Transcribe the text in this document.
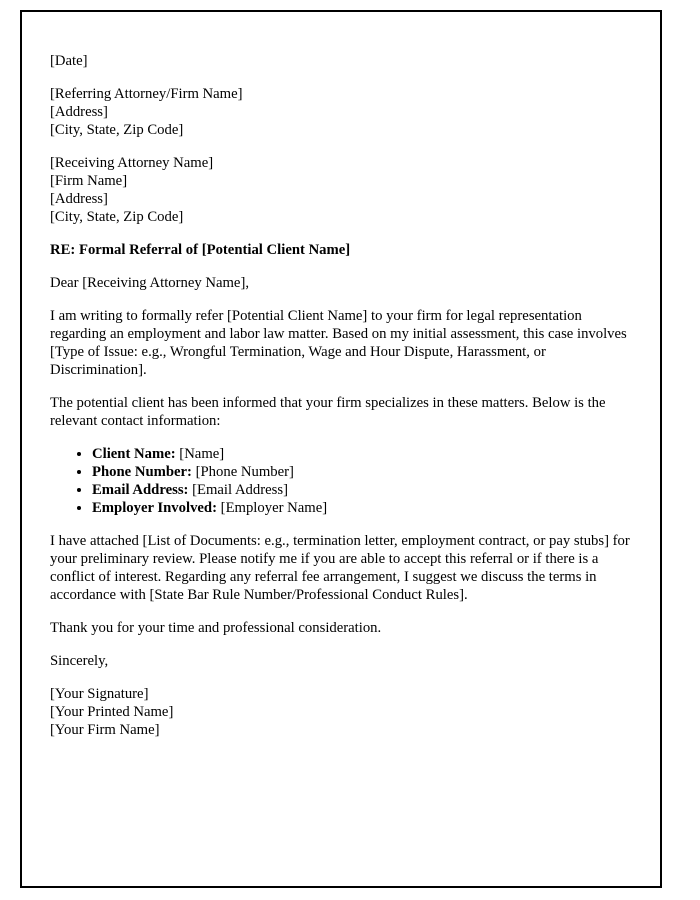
[Date]

[Referring Attorney/Firm Name]

[Address]

[City, State, Zip Code]

[Receiving Attorney Name]

[Firm Name]

[Address]

[City, State, Zip Code]

RE: Formal Referral of [Potential Client Name]

Dear [Receiving Attorney Name],

I am writing to formally refer [Potential Client Name] to your firm for legal representation regarding an employment and labor law matter. Based on my initial assessment, this case involves [Type of Issue: e.g., Wrongful Termination, Wage and Hour Dispute, Harassment, or Discrimination].

The potential client has been informed that your firm specializes in these matters. Below is the relevant contact information:

• Client Name: [Name]
• Phone Number: [Phone Number]
• Email Address: [Email Address]
• Employer Involved: [Employer Name]

I have attached [List of Documents: e.g., termination letter, employment contract, or pay stubs] for your preliminary review. Please notify me if you are able to accept this referral or if there is a conflict of interest. Regarding any referral fee arrangement, I suggest we discuss the terms in accordance with [State Bar Rule Number/Professional Conduct Rules].

Thank you for your time and professional consideration.

Sincerely,

[Your Signature]

[Your Printed Name]

[Your Firm Name]
